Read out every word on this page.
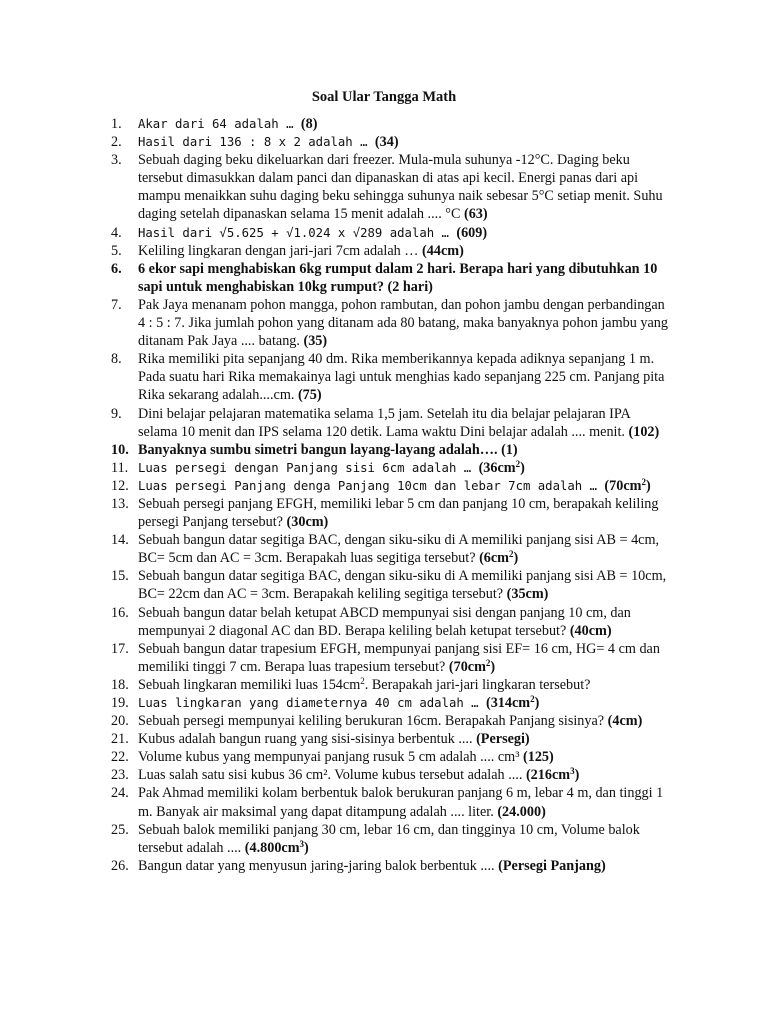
Soal Ular Tangga Math
1.	Akar dari 64 adalah … (8)
2.	Hasil dari 136 : 8 x 2 adalah … (34)
3.	Sebuah daging beku dikeluarkan dari freezer. Mula-mula suhunya -12°C. Daging beku tersebut dimasukkan dalam panci dan dipanaskan di atas api kecil. Energi panas dari api mampu menaikkan suhu daging beku sehingga suhunya naik sebesar 5°C setiap menit. Suhu daging setelah dipanaskan selama 15 menit adalah .... °C (63)
4.	Hasil dari √5.625 + √1.024 x √289 adalah … (609)
5.	Keliling lingkaran dengan jari-jari 7cm adalah … (44cm)
6.	6 ekor sapi menghabiskan 6kg rumput dalam 2 hari. Berapa hari yang dibutuhkan 10 sapi untuk menghabiskan 10kg rumput? (2 hari)
7.	Pak Jaya menanam pohon mangga, pohon rambutan, dan pohon jambu dengan perbandingan 4 : 5 : 7. Jika jumlah pohon yang ditanam ada 80 batang, maka banyaknya pohon jambu yang ditanam Pak Jaya .... batang. (35)
8.	Rika memiliki pita sepanjang 40 dm. Rika memberikannya kepada adiknya sepanjang 1 m. Pada suatu hari Rika memakainya lagi untuk menghias kado sepanjang 225 cm. Panjang pita Rika sekarang adalah....cm. (75)
9.	Dini belajar pelajaran matematika selama 1,5 jam. Setelah itu dia belajar pelajaran IPA selama 10 menit dan IPS selama 120 detik. Lama waktu Dini belajar adalah .... menit. (102)
10. Banyaknya sumbu simetri bangun layang-layang adalah…. (1)
11. Luas persegi dengan Panjang sisi 6cm adalah … $(36cm^2)$
12. Luas persegi Panjang denga Panjang 10cm dan lebar 7cm adalah … $(70cm^2)$
13. Sebuah persegi panjang EFGH, memiliki lebar 5 cm dan panjang 10 cm, berapakah keliling persegi Panjang tersebut? (30cm)
14. Sebuah bangun datar segitiga BAC, dengan siku-siku di A memiliki panjang sisi AB = 4cm, BC= 5cm dan AC = 3cm. Berapakah luas segitiga tersebut? $(6cm^2)$
15. Sebuah bangun datar segitiga BAC, dengan siku-siku di A memiliki panjang sisi AB = 10cm, BC= 22cm dan AC = 3cm. Berapakah keliling segitiga tersebut? (35cm)
16. Sebuah bangun datar belah ketupat ABCD mempunyai sisi dengan panjang 10 cm, dan mempunyai 2 diagonal AC dan BD. Berapa keliling belah ketupat tersebut? (40cm)
17. Sebuah bangun datar trapesium EFGH, mempunyai panjang sisi EF= 16 cm, HG= 4 cm dan memiliki tinggi 7 cm. Berapa luas trapesium tersebut? $(70cm^2)$
18. Sebuah lingkaran memiliki luas $154cm^2$. Berapakah jari-jari lingkaran tersebut?
19. Luas lingkaran yang diameternya 40 cm adalah … $(314cm^2)$
20. Sebuah persegi mempunyai keliling berukuran 16cm. Berapakah Panjang sisinya? (4cm)
21. Kubus adalah bangun ruang yang sisi-sisinya berbentuk .... (Persegi)
22. Volume kubus yang mempunyai panjang rusuk 5 cm adalah .... cm³ (125)
23. Luas salah satu sisi kubus 36 cm². Volume kubus tersebut adalah .... $(216cm^3)$
24. Pak Ahmad memiliki kolam berbentuk balok berukuran panjang 6 m, lebar 4 m, dan tinggi 1 m. Banyak air maksimal yang dapat ditampung adalah .... liter. (24.000)
25. Sebuah balok memiliki panjang 30 cm, lebar 16 cm, dan tingginya 10 cm, Volume balok tersebut adalah .... $(4.800cm^3)$
26. Bangun datar yang menyusun jaring-jaring balok berbentuk .... (Persegi Panjang)
